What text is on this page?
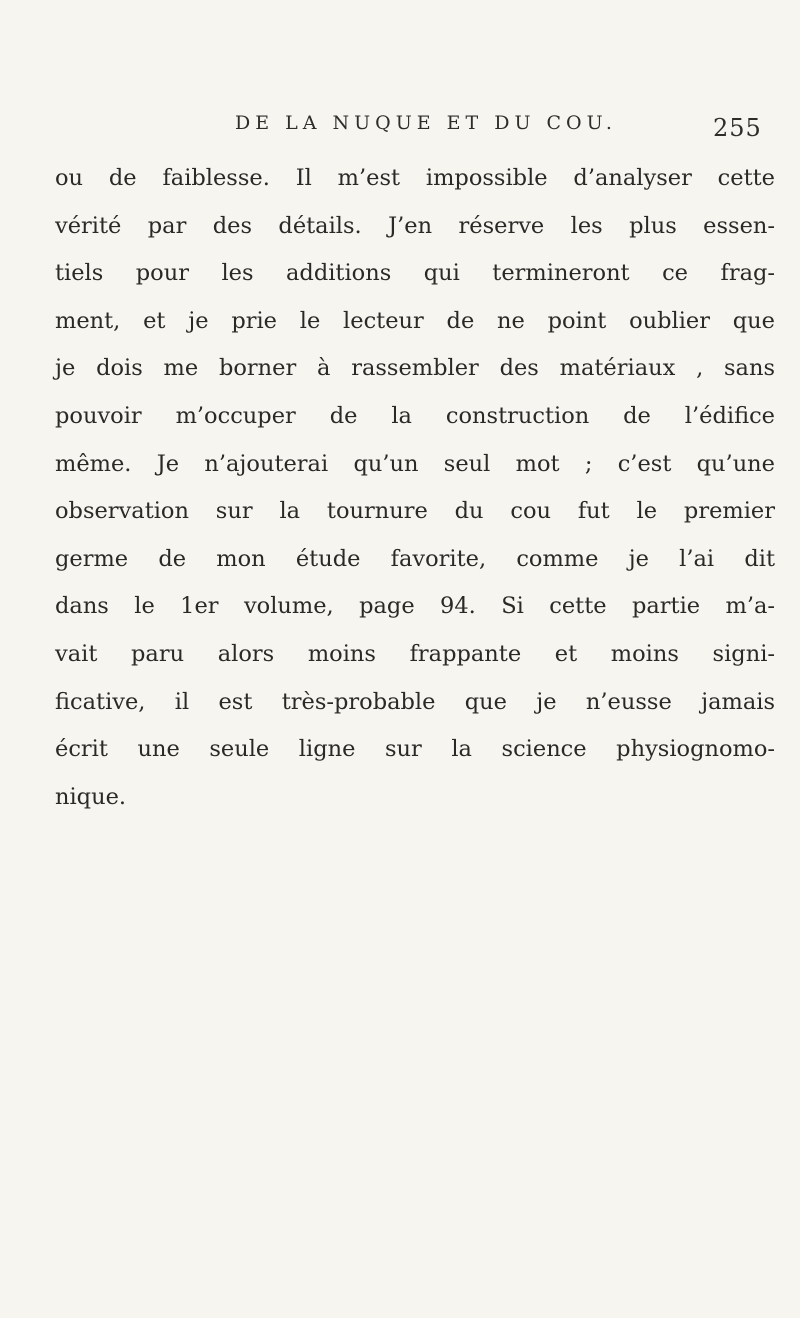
DE LA NUQUE ET DU COU.	255
ou de faiblesse. Il m’est impossible d’analyser cette
vérité par des détails. J’en réserve les plus essen-
tiels pour les additions qui termineront ce frag-
ment, et je prie le lecteur de ne point oublier que
je dois me borner à rassembler des matériaux , sans
pouvoir m’occuper de la construction de l’édifice
même. Je n’ajouterai qu’un seul mot ; c’est qu’une
observation sur la tournure du cou fut le premier
germe de mon étude favorite, comme je l’ai dit
dans le 1er volume, page 94. Si cette partie m’a-
vait paru alors moins frappante et moins signi-
ficative, il est très-probable que je n’eusse jamais
écrit une seule ligne sur la science physiognomo-
nique.
